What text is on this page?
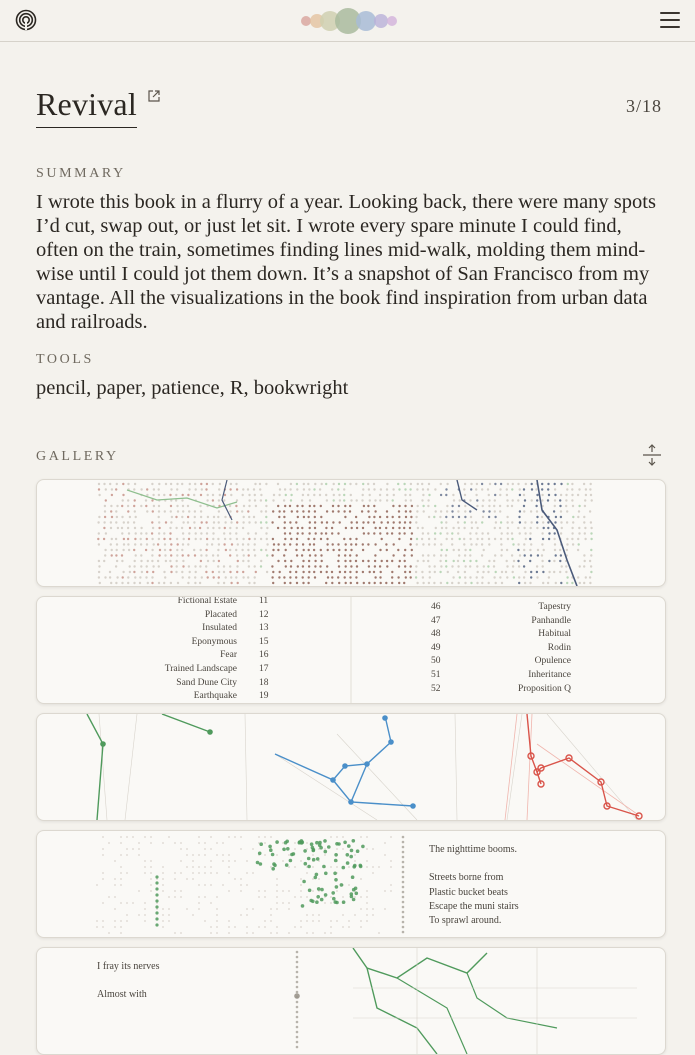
Revival	3/18
SUMMARY
I wrote this book in a flurry of a year. Looking back, there were many spots I’d cut, swap out, or just let sit. I wrote every spare minute I could find, often on the train, sometimes finding lines mid-walk, molding them mind-wise until I could jot them down. It’s a snapshot of San Francisco from my vantage. All the visualizations in the book find inspiration from urban data and railroads.
TOOLS
pencil, paper, patience, R, bookwright
GALLERY
Fictional Estate 11
Placated 12
Insulated 13
Eponymous 15
Fear 16
Trained Landscape 17
Sand Dune City 18
Earthquake 19
46	Tapestry
47	Panhandle
48	Habitual
49	Rodin
50	Opulence
51	Inheritance
52	Proposition Q
The nighttime booms.
Streets borne from
Plastic bucket beats
Escape the muni stairs
To sprawl around.
I fray its nerves
Almost with
